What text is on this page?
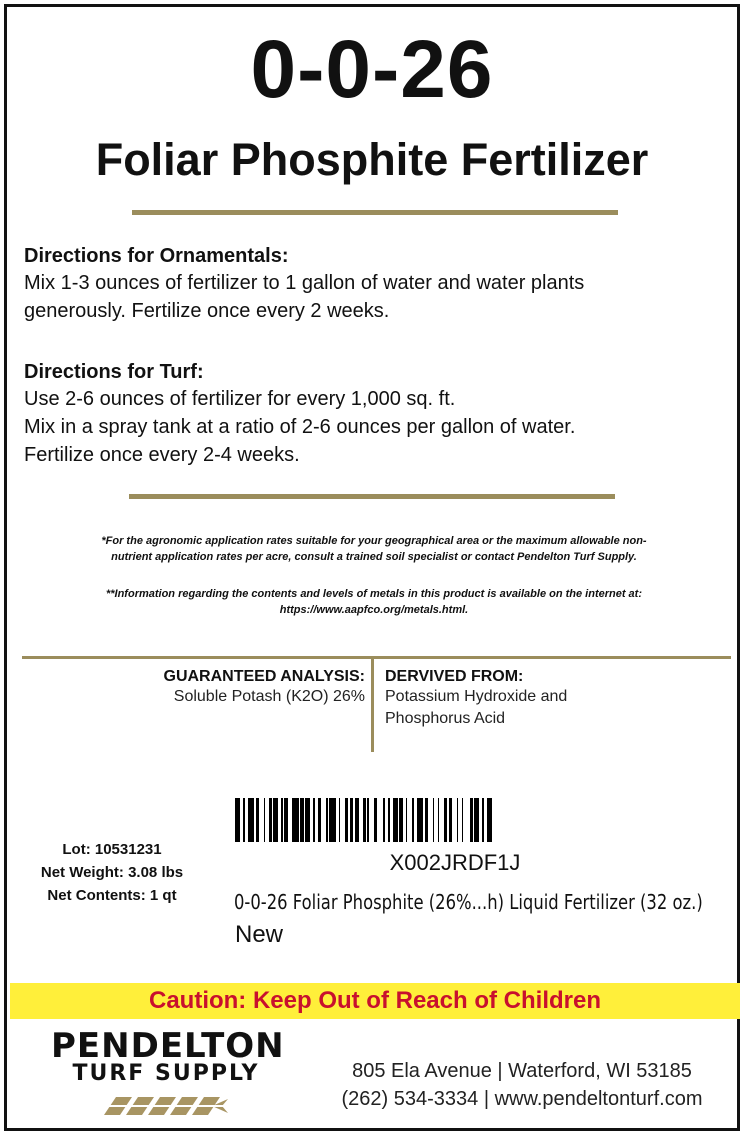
0-0-26
Foliar Phosphite Fertilizer
Directions for Ornamentals:
Mix 1-3 ounces of fertilizer to 1 gallon of water and water plants
generously. Fertilize once every 2 weeks.
Directions for Turf:
Use 2-6 ounces of fertilizer for every 1,000 sq. ft.
Mix in a spray tank at a ratio of 2-6 ounces per gallon of water.
Fertilize once every 2-4 weeks.
*For the agronomic application rates suitable for your geographical area or the maximum allowable non-
nutrient application rates per acre, consult a trained soil specialist or contact Pendelton Turf Supply.
**Information regarding the contents and levels of metals in this product is available on the internet at:
https://www.aapfco.org/metals.html.
GUARANTEED ANALYSIS:
Soluble Potash (K2O) 26%
DERVIVED FROM:
Potassium Hydroxide and
Phosphorus Acid
Lot: 10531231
Net Weight: 3.08 lbs
Net Contents: 1 qt
X002JRDF1J
0-0-26 Foliar Phosphite (26%...h) Liquid Fertilizer (32 oz.)
New
Caution: Keep Out of Reach of Children
PENDELTON
TURF SUPPLY	805 Ela Avenue | Waterford, WI 53185
(262) 534-3334 | www.pendeltonturf.com
